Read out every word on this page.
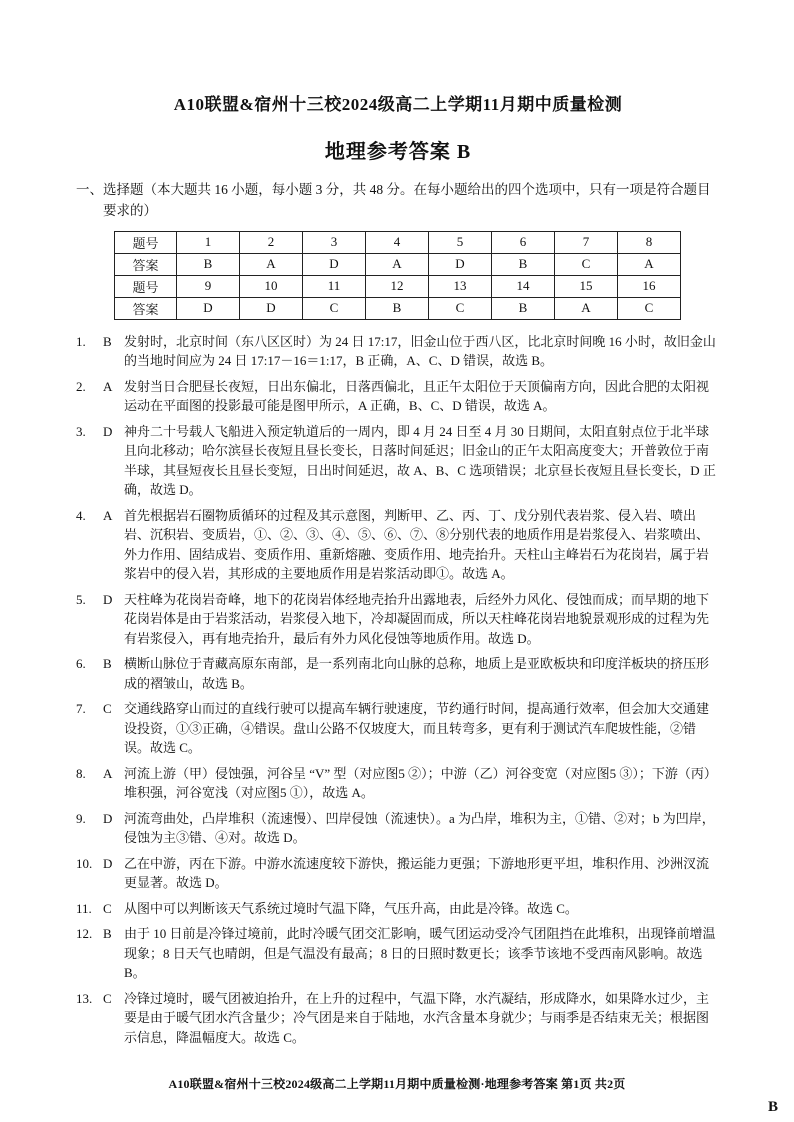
A10联盟&宿州十三校2024级高二上学期11月期中质量检测
地理参考答案 B

一、选择题（本大题共 16 小题，每小题 3 分，共 48 分。在每小题给出的四个选项中，只有一项是符合题目要求的）

题号	1	2	3	4	5	6	7	8
答案	B	A	D	A	D	B	C	A
题号	9	10	11	12	13	14	15	16
答案	D	D	C	B	C	B	A	C
1.	B 发射时，北京时间（东八区区时）为 24 日 17:17，旧金山位于西八区，比北京时间晚 16 小时，故旧金山的当地时间应为 24 日 17:17－16＝1:17，B 正确，A、C、D 错误，故选 B。
2.	A 发射当日合肥昼长夜短，日出东偏北，日落西偏北，且正午太阳位于天顶偏南方向，因此合肥的太阳视运动在平面图的投影最可能是图甲所示，A 正确，B、C、D 错误，故选 A。
3.	D 神舟二十号载人飞船进入预定轨道后的一周内，即 4 月 24 日至 4 月 30 日期间，太阳直射点位于北半球且向北移动；哈尔滨昼长夜短且昼长变长，日落时间延迟；旧金山的正午太阳高度变大；开普敦位于南半球，其昼短夜长且昼长变短，日出时间延迟，故 A、B、C 选项错误；北京昼长夜短且昼长变长，D 正确，故选 D。
4.	A 首先根据岩石圈物质循环的过程及其示意图，判断甲、乙、丙、丁、戊分别代表岩浆、侵入岩、喷出岩、沉积岩、变质岩，①、②、③、④、⑤、⑥、⑦、⑧分别代表的地质作用是岩浆侵入、岩浆喷出、外力作用、固结成岩、变质作用、重新熔融、变质作用、地壳抬升。天柱山主峰岩石为花岗岩，属于岩浆岩中的侵入岩，其形成的主要地质作用是岩浆活动即①。故选 A。
5.	D 天柱峰为花岗岩奇峰，地下的花岗岩体经地壳抬升出露地表，后经外力风化、侵蚀而成；而早期的地下花岗岩体是由于岩浆活动，岩浆侵入地下，冷却凝固而成，所以天柱峰花岗岩地貌景观形成的过程为先有岩浆侵入，再有地壳抬升，最后有外力风化侵蚀等地质作用。故选 D。
6.	B 横断山脉位于青藏高原东南部，是一系列南北向山脉的总称，地质上是亚欧板块和印度洋板块的挤压形成的褶皱山，故选 B。
7.	C 交通线路穿山而过的直线行驶可以提高车辆行驶速度，节约通行时间，提高通行效率，但会加大交通建设投资，①③正确，④错误。盘山公路不仅坡度大，而且转弯多，更有利于测试汽车爬坡性能，②错误。故选 C。
8.	A 河流上游（甲）侵蚀强，河谷呈 “V” 型（对应图5 ②）；中游（乙）河谷变宽（对应图5 ③）；下游（丙）堆积强，河谷宽浅（对应图5 ①），故选 A。
9.	D 河流弯曲处，凸岸堆积（流速慢）、凹岸侵蚀（流速快）。a 为凸岸，堆积为主，①错、②对；b 为凹岸，侵蚀为主③错、④对。故选 D。
10. D 乙在中游，丙在下游。中游水流速度较下游快，搬运能力更强；下游地形更平坦，堆积作用、沙洲汊流更显著。故选 D。
11. C 从图中可以判断该天气系统过境时气温下降，气压升高，由此是冷锋。故选 C。
12. B 由于 10 日前是冷锋过境前，此时冷暖气团交汇影响，暖气团运动受冷气团阻挡在此堆积，出现锋前增温现象；8 日天气也晴朗，但是气温没有最高；8 日的日照时数更长；该季节该地不受西南风影响。故选 B。
13. C 冷锋过境时，暖气团被迫抬升，在上升的过程中，气温下降，水汽凝结，形成降水，如果降水过少，主要是由于暖气团水汽含量少；冷气团是来自于陆地，水汽含量本身就少；与雨季是否结束无关；根据图示信息，降温幅度大。故选 C。
A10联盟&宿州十三校2024级高二上学期11月期中质量检测·地理参考答案 第1页 共2页
B
